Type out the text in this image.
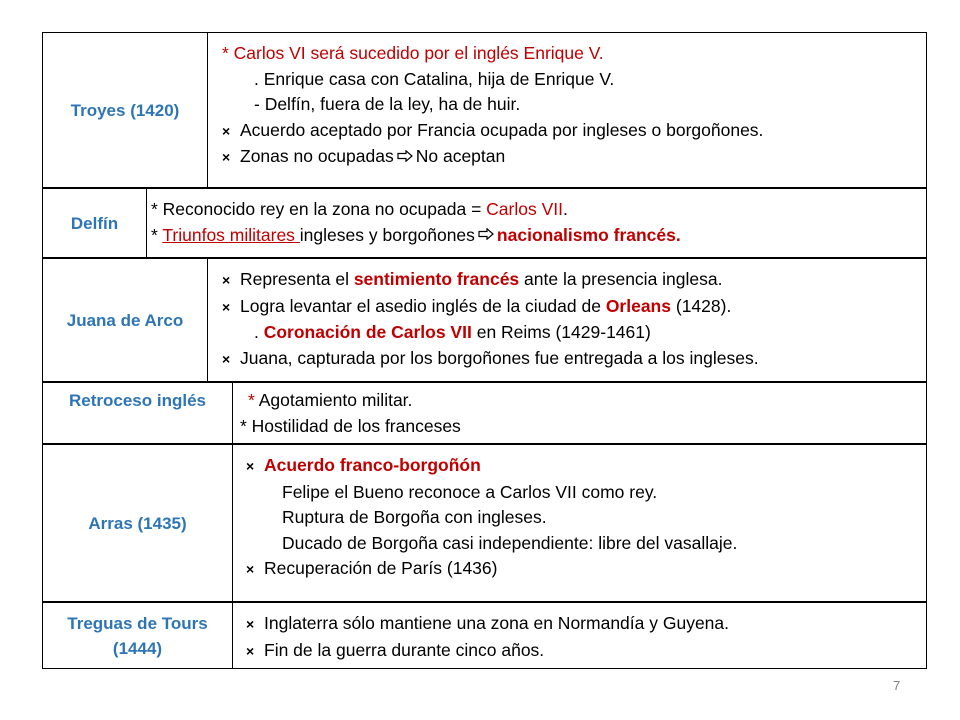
Troyes (1420)
* Carlos VI será sucedido por el inglés Enrique V.
. Enrique casa con Catalina, hija de Enrique V.
- Delfín, fuera de la ley, ha de huir.
× Acuerdo aceptado por Francia ocupada por ingleses o borgoñones.
× Zonas no ocupadas No aceptan
Delfín
* Reconocido rey en la zona no ocupada = Carlos VII.
* Triunfos militares ingleses y borgoñones nacionalismo francés.
Juana de Arco
× Representa el sentimiento francés ante la presencia inglesa.
× Logra levantar el asedio inglés de la ciudad de Orleans (1428).
. Coronación de Carlos VII en Reims (1429-1461)
× Juana, capturada por los borgoñones fue entregada a los ingleses.
Retroceso inglés	* Agotamiento militar.
* Hostilidad de los franceses
Arras (1435)
× Acuerdo franco-borgoñón
Felipe el Bueno reconoce a Carlos VII como rey.
Ruptura de Borgoña con ingleses.
Ducado de Borgoña casi independiente: libre del vasallaje.
× Recuperación de París (1436)
Treguas de Tours
(1444)
× Inglaterra sólo mantiene una zona en Normandía y Guyena.
× Fin de la guerra durante cinco años.
7
